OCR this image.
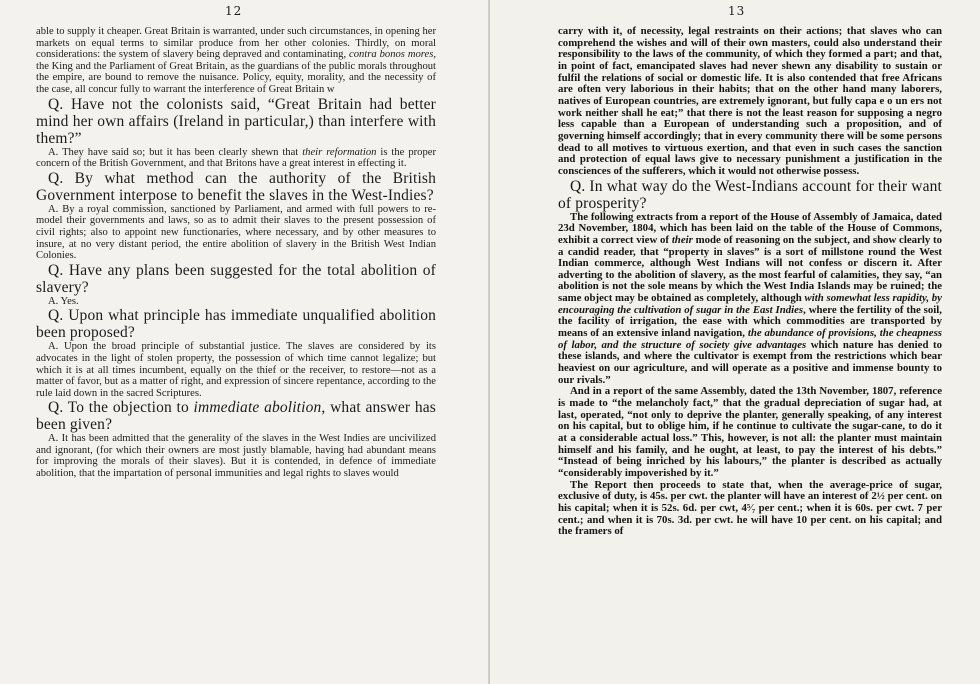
12

able to supply it cheaper. Great Britain is warranted, under such circumstances, in opening her markets on equal terms to similar produce from her other colonies. Thirdly, on moral considerations: the system of slavery being depraved and contaminating, contra bonos mores, the King and the Parliament of Great Britain, as the guardians of the public morals throughout the empire, are bound to remove the nuisance. Policy, equity, morality, and the necessity of the case, all concur fully to warrant the interference of Great Britain w

Q. Have not the colonists said, “Great Britain had better mind her own affairs (Ireland in particular,) than interfere with them?”

A. They have said so; but it has been clearly shewn that their reformation is the proper concern of the British Government, and that Britons have a great interest in effecting it.

Q. By what method can the authority of the British Government interpose to benefit the slaves in the West-Indies?

A. By a royal commission, sanctioned by Parliament, and armed with full powers to re-model their governments and laws, so as to admit their slaves to the present possession of civil rights; also to appoint new functionaries, where necessary, and by other measures to insure, at no very distant period, the entire abolition of slavery in the British West Indian Colonies.

Q. Have any plans been suggested for the total abolition of slavery?

A. Yes.

Q. Upon what principle has immediate unqualified abolition been proposed?

A. Upon the broad principle of substantial justice. The slaves are considered by its advocates in the light of stolen property, the possession of which time cannot legalize; but which it is at all times incumbent, equally on the thief or the receiver, to restore—not as a matter of favor, but as a matter of right, and expression of sincere repentance, according to the rule laid down in the sacred Scriptures.

Q. To the objection to immediate abolition, what answer has been given?

A. It has been admitted that the generality of the slaves in the West Indies are uncivilized and ignorant, (for which their owners are most justly blamable, having had abundant means for improving the morals of their slaves). But it is contended, in defence of immediate abolition, that the impartation of personal immunities and legal rights to slaves would

13

carry with it, of necessity, legal restraints on their actions; that slaves who can comprehend the wishes and will of their own masters, could also understand their responsibility to the laws of the community, of which they formed a part; and that, in point of fact, emancipated slaves had never shewn any disability to sustain or fulfil the relations of social or domestic life. It is also contended that free Africans are often very laborious in their habits; that on the other hand many laborers, natives of European countries, are extremely ignorant, but fully capa e o un ers not work neither shall he eat;” that there is not the least reason for supposing a negro less capable than a European of understanding such a proposition, and of governing himself accordingly; that in every community there will be some persons dead to all motives to virtuous exertion, and that even in such cases the sanction and protection of equal laws give to necessary punishment a justification in the consciences of the sufferers, which it would not otherwise possess.

Q. In what way do the West-Indians account for their want of prosperity?

The following extracts from a report of the House of Assembly of Jamaica, dated 23d November, 1804, which has been laid on the table of the House of Commons, exhibit a correct view of their mode of reasoning on the subject, and show clearly to a candid reader, that “property in slaves” is a sort of millstone round the West Indian commerce, although West Indians will not confess or discern it. After adverting to the abolition of slavery, as the most fearful of calamities, they say, “an abolition is not the sole means by which the West India Islands may be ruined; the same object may be obtained as completely, although with somewhat less rapidity, by encouraging the cultivation of sugar in the East Indies, where the fertility of the soil, the facility of irrigation, the ease with which commodities are transported by means of an extensive inland navigation, the abundance of provisions, the cheapness of labor, and the structure of society give advantages which nature has denied to these islands, and where the cultivator is exempt from the restrictions which bear heaviest on our agriculture, and will operate as a positive and immense bounty to our rivals.”

And in a report of the same Assembly, dated the 13th November, 1807, reference is made to “the melancholy fact,” that the gradual depreciation of sugar had, at last, operated, “not only to deprive the planter, generally speaking, of any interest on his capital, but to oblige him, if he continue to cultivate the sugar-cane, to do it at a considerable actual loss.” This, however, is not all: the planter must maintain himself and his family, and he ought, at least, to pay the interest of his debts.” “Instead of being inriched by his labours,” the planter is described as actually “considerably impoverished by it.”

The Report then proceeds to state that, when the average-price of sugar, exclusive of duty, is 45s. per cwt. the planter will have an interest of 2½ per cent. on his capital; when it is 52s. 6d. per cwt, 4⁵⁄₇ per cent.; when it is 60s. per cwt. 7 per cent.; and when it is 70s. 3d. per cwt. he will have 10 per cent. on his capital; and the framers of
